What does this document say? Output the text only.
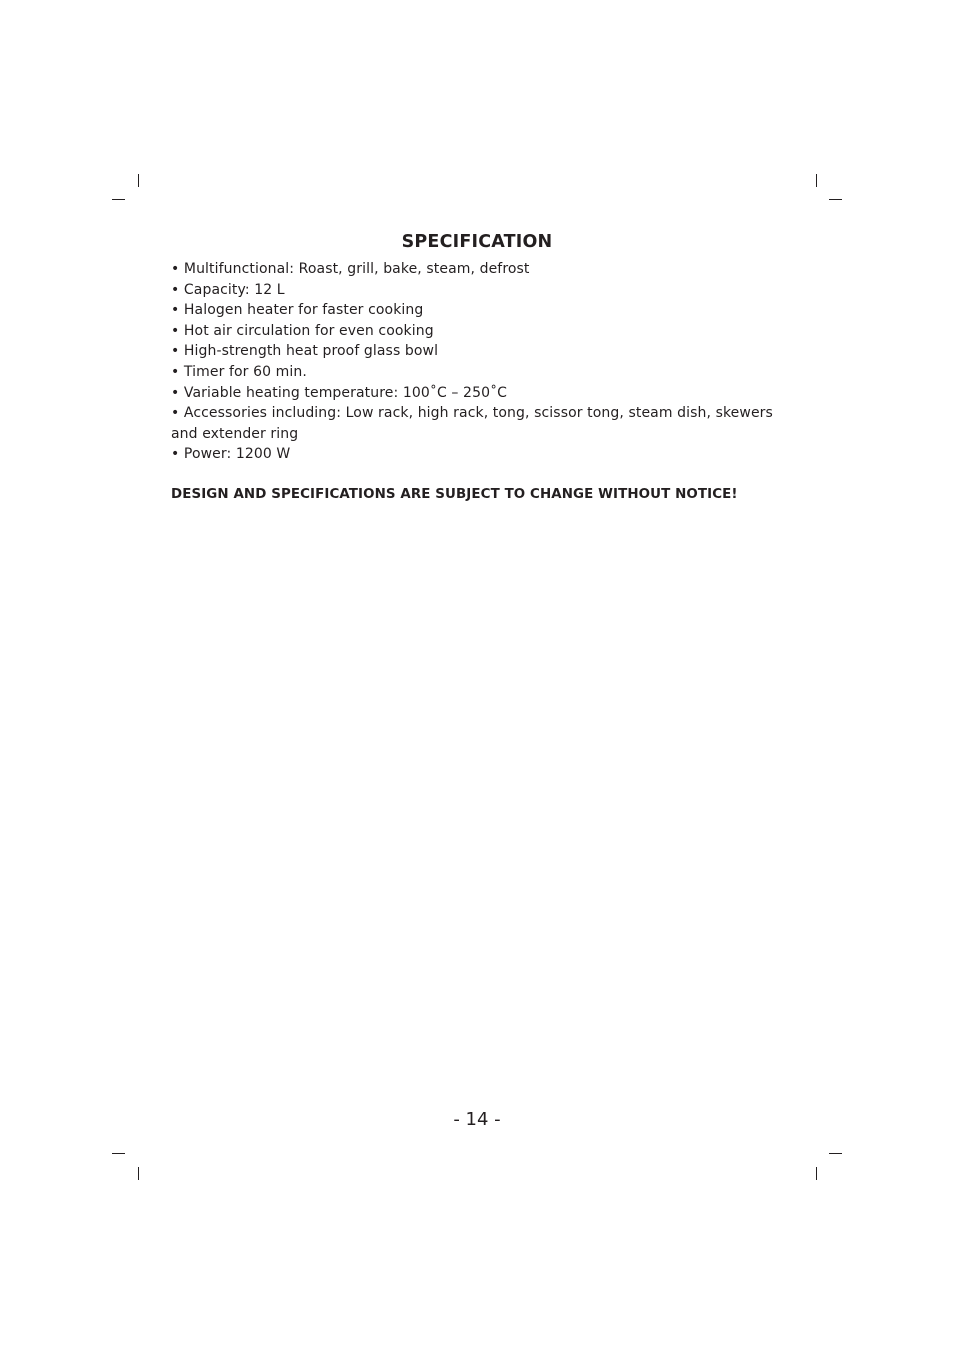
SPECIFICATION
• Multifunctional: Roast, grill, bake, steam, defrost
• Capacity: 12 L
• Halogen heater for faster cooking
• Hot air circulation for even cooking
• High-strength heat proof glass bowl
• Timer for 60 min.
• Variable heating temperature: 100˚C – 250˚C
• Accessories including: Low rack, high rack, tong, scissor tong, steam dish, skewers and extender ring
• Power: 1200 W
DESIGN AND SPECIFICATIONS ARE SUBJECT TO CHANGE WITHOUT NOTICE!
- 14 -
